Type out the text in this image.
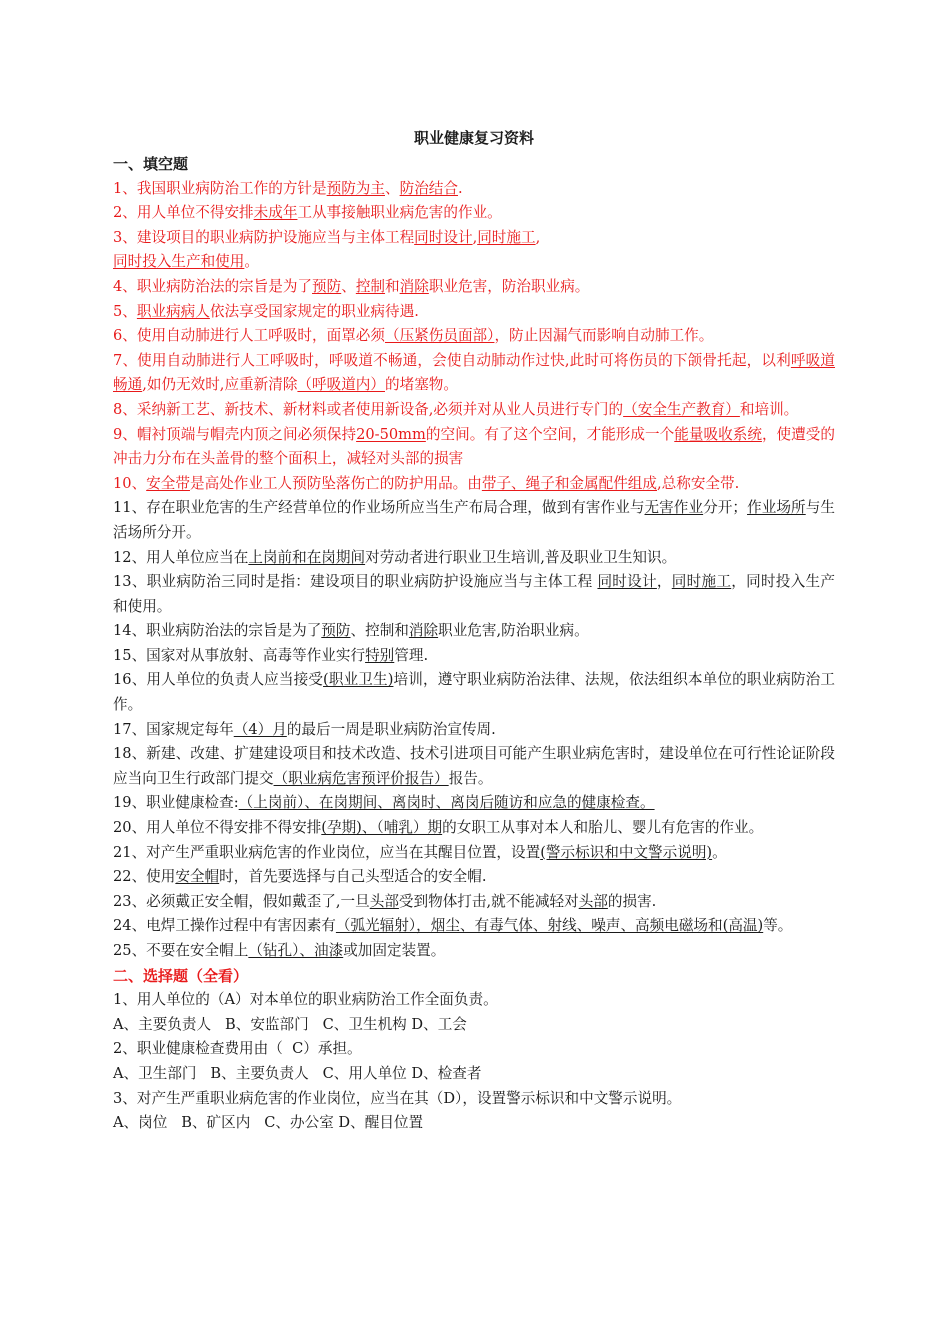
职业健康复习资料
一、填空题
1、我国职业病防治工作的方针是预防为主、防治结合.
2、用人单位不得安排未成年工从事接触职业病危害的作业。
3、建设项目的职业病防护设施应当与主体工程同时设计,同时施工,
同时投入生产和使用。
4、职业病防治法的宗旨是为了预防、控制和消除职业危害，防治职业病。
5、职业病病人依法享受国家规定的职业病待遇.
6、使用自动肺进行人工呼吸时，面罩必须（压紧伤员面部），防止因漏气而影响自动肺工作。
7、使用自动肺进行人工呼吸时，呼吸道不畅通，会使自动肺动作过快,此时可将伤员的下颌骨托起，以利呼吸道畅通,如仍无效时,应重新清除（呼吸道内）的堵塞物。
8、采纳新工艺、新技术、新材料或者使用新设备,必须并对从业人员进行专门的（安全生产教育）和培训。
9、帽衬顶端与帽壳内顶之间必须保持20-50mm的空间。有了这个空间，才能形成一个能量吸收系统，使遭受的冲击力分布在头盖骨的整个面积上，减轻对头部的损害
10、安全带是高处作业工人预防坠落伤亡的防护用品。由带子、绳子和金属配件组成,总称安全带.
11、存在职业危害的生产经营单位的作业场所应当生产布局合理，做到有害作业与无害作业分开；作业场所与生活场所分开。
12、用人单位应当在上岗前和在岗期间对劳动者进行职业卫生培训,普及职业卫生知识。
13、职业病防治三同时是指：建设项目的职业病防护设施应当与主体工程 同时设计，同时施工，同时投入生产和使用。
14、职业病防治法的宗旨是为了预防、控制和消除职业危害,防治职业病。
15、国家对从事放射、高毒等作业实行特别管理.
16、用人单位的负责人应当接受(职业卫生)培训，遵守职业病防治法律、法规，依法组织本单位的职业病防治工作。
17、国家规定每年（4）月的最后一周是职业病防治宣传周.
18、新建、改建、扩建建设项目和技术改造、技术引进项目可能产生职业病危害时，建设单位在可行性论证阶段应当向卫生行政部门提交（职业病危害预评价报告）报告。
19、职业健康检查:（上岗前）、在岗期间、离岗时、离岗后随访和应急的健康检查。
20、用人单位不得安排不得安排(孕期)、（哺乳）期的女职工从事对本人和胎儿、婴儿有危害的作业。
21、对产生严重职业病危害的作业岗位，应当在其醒目位置，设置(警示标识和中文警示说明)。
22、使用安全帽时，首先要选择与自己头型适合的安全帽.
23、必须戴正安全帽，假如戴歪了,一旦头部受到物体打击,就不能减轻对头部的损害.
24、电焊工操作过程中有害因素有（弧光辐射），烟尘、有毒气体、射线、噪声、高频电磁场和(高温)等。
25、不要在安全帽上（钻孔）、油漆或加固定装置。
二、选择题（全看）
1、用人单位的（A）对本单位的职业病防治工作全面负责。
A、主要负责人   B、安监部门   C、卫生机构 D、工会
2、职业健康检查费用由（  C）承担。
A、卫生部门   B、主要负责人   C、用人单位 D、检查者
3、对产生严重职业病危害的作业岗位，应当在其（D），设置警示标识和中文警示说明。
A、岗位   B、矿区内   C、办公室 D、醒目位置
